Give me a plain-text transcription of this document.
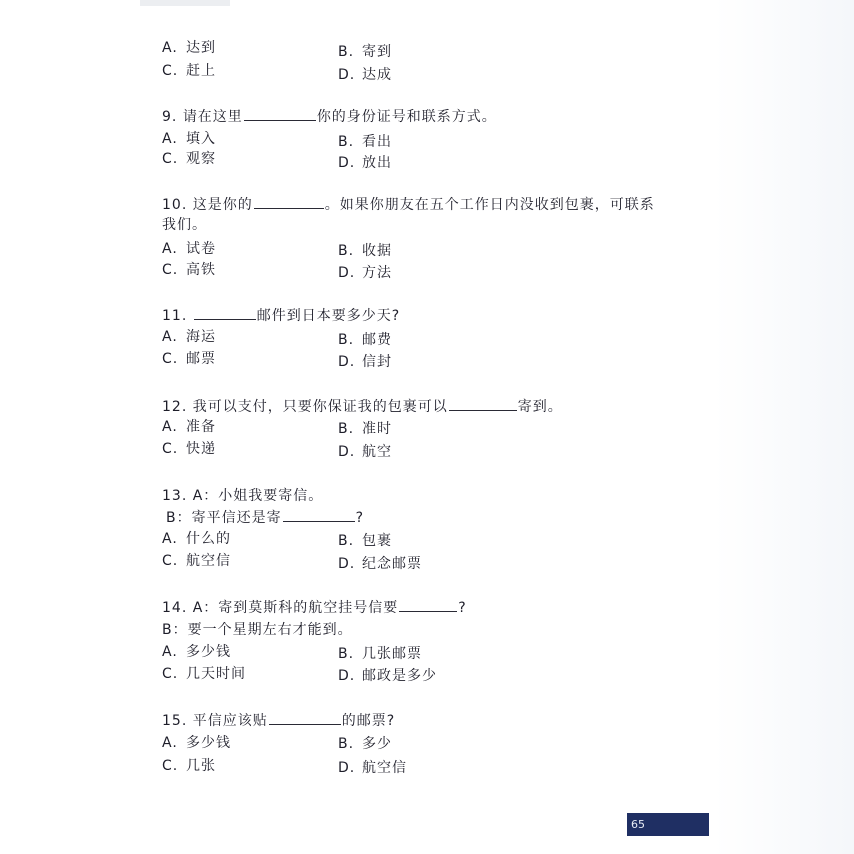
A. 达到	B. 寄到
C. 赶上	D. 达成
9. 请在这里	你的身份证号和联系方式。
A. 填入	B. 看出
C. 观察	D. 放出
10. 这是你的	。如果你朋友在五个工作日内没收到包裹，可联系
我们。
A. 试卷	B. 收据
C. 高铁	D. 方法
11.	邮件到日本要多少天?
A. 海运	B. 邮费
C. 邮票	D. 信封
12. 我可以支付，只要你保证我的包裹可以	寄到。
A. 准备	B. 准时
C. 快递	D. 航空
13. A：小姐我要寄信。
B：寄平信还是寄	?
A. 什么的	B. 包裹
C. 航空信	D. 纪念邮票
14. A：寄到莫斯科的航空挂号信要	?
B：要一个星期左右才能到。
A. 多少钱	B. 几张邮票
C. 几天时间	D. 邮政是多少
15. 平信应该贴	的邮票?
A. 多少钱	B. 多少
C. 几张	D. 航空信
65
